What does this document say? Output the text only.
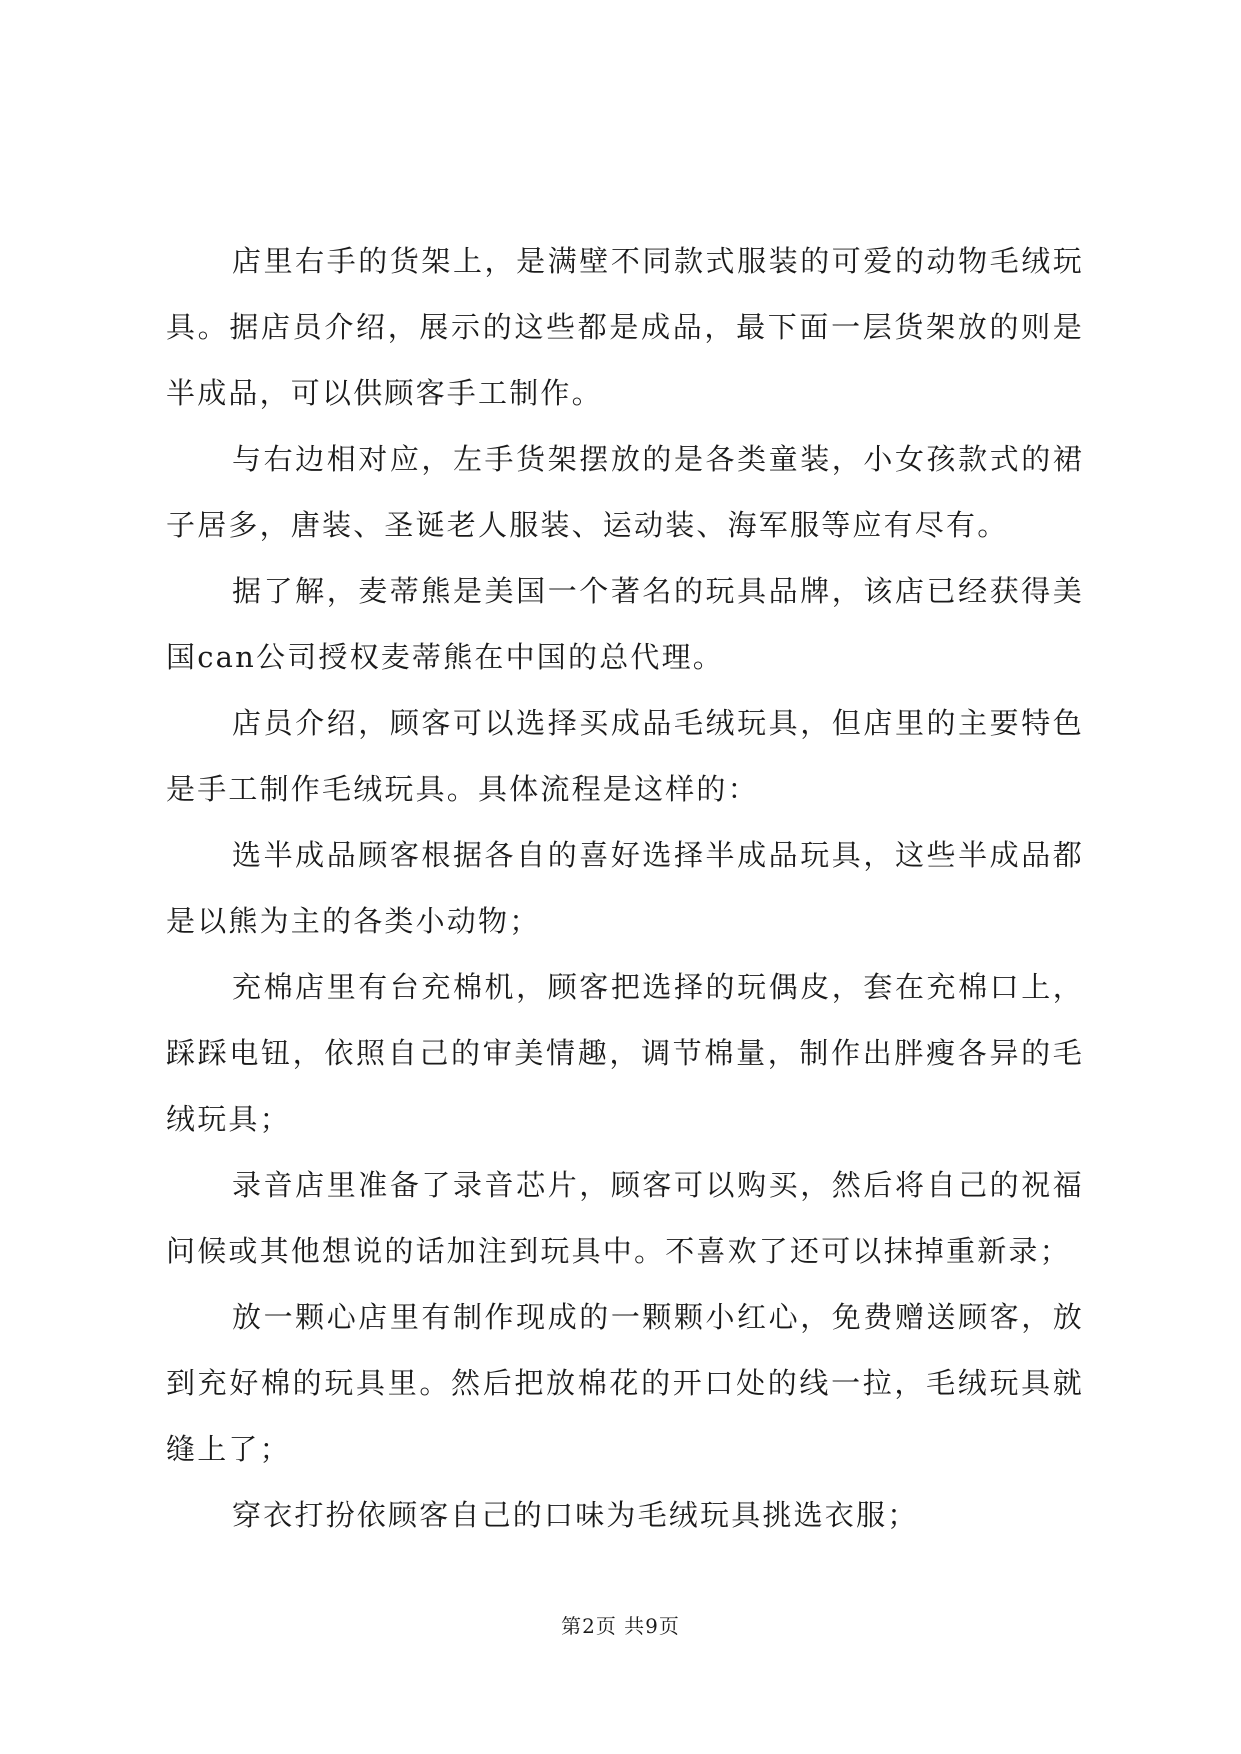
店里右手的货架上，是满壁不同款式服装的可爱的动物毛绒玩具。据店员介绍，展示的这些都是成品，最下面一层货架放的则是半成品，可以供顾客手工制作。

与右边相对应，左手货架摆放的是各类童装，小女孩款式的裙子居多，唐装、圣诞老人服装、运动装、海军服等应有尽有。

据了解，麦蒂熊是美国一个著名的玩具品牌，该店已经获得美国can公司授权麦蒂熊在中国的总代理。

店员介绍，顾客可以选择买成品毛绒玩具，但店里的主要特色是手工制作毛绒玩具。具体流程是这样的：

选半成品顾客根据各自的喜好选择半成品玩具，这些半成品都是以熊为主的各类小动物；

充棉店里有台充棉机，顾客把选择的玩偶皮，套在充棉口上，踩踩电钮，依照自己的审美情趣，调节棉量，制作出胖瘦各异的毛绒玩具；

录音店里准备了录音芯片，顾客可以购买，然后将自己的祝福问候或其他想说的话加注到玩具中。不喜欢了还可以抹掉重新录；

放一颗心店里有制作现成的一颗颗小红心，免费赠送顾客，放到充好棉的玩具里。然后把放棉花的开口处的线一拉，毛绒玩具就缝上了；

穿衣打扮依顾客自己的口味为毛绒玩具挑选衣服；

第2页 共9页
